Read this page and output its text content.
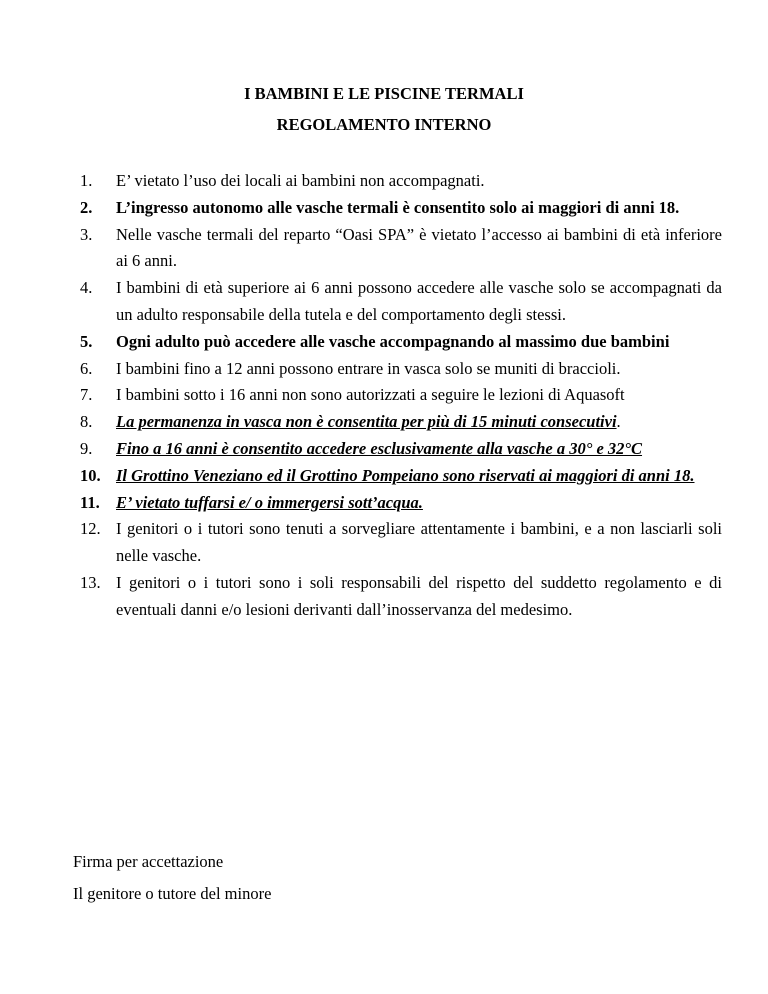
I BAMBINI E LE PISCINE TERMALI
REGOLAMENTO INTERNO
1. E’ vietato l’uso dei locali ai bambini non accompagnati.
2. L’ingresso autonomo alle vasche termali è consentito solo ai maggiori di anni 18.
3. Nelle vasche termali del reparto “Oasi SPA” è vietato l’accesso ai bambini di età inferiore ai 6 anni.
4. I bambini di età superiore ai 6 anni possono accedere alle vasche solo se accompagnati da un adulto responsabile della tutela e del comportamento degli stessi.
5. Ogni adulto può accedere alle vasche accompagnando al massimo due bambini
6. I bambini fino a 12 anni possono entrare in vasca solo se muniti di braccioli.
7. I bambini sotto i 16 anni non sono autorizzati a seguire le lezioni di Aquasoft
8. La permanenza in vasca non è consentita per più di 15 minuti consecutivi.
9. Fino a 16 anni è consentito accedere esclusivamente alla vasche a 30° e 32°C
10. Il Grottino Veneziano ed il Grottino Pompeiano sono riservati ai maggiori di anni 18.
11. E’ vietato tuffarsi e/ o immergersi sott’acqua.
12. I genitori o i tutori sono tenuti a sorvegliare attentamente i bambini, e a non lasciarli soli nelle vasche.
13. I genitori o i tutori sono i soli responsabili del rispetto del suddetto regolamento e di eventuali danni e/o lesioni derivanti dall’inosservanza del medesimo.
Firma per accettazione
Il genitore o tutore del minore
